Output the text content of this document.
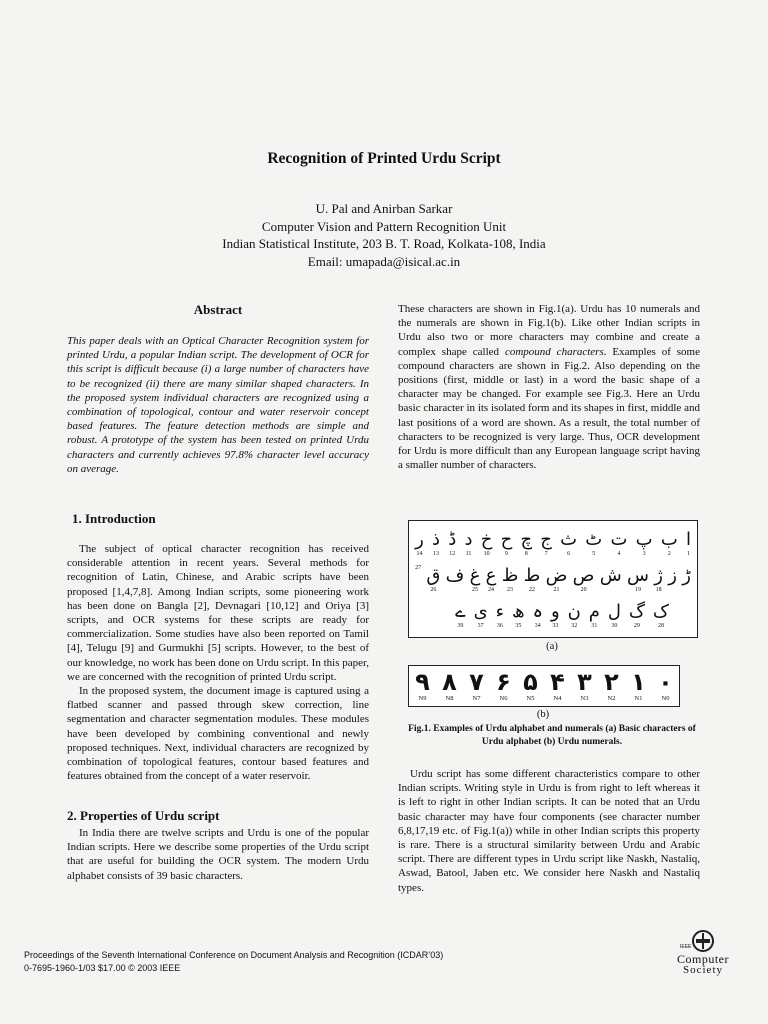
Recognition of Printed Urdu Script
U. Pal and Anirban Sarkar
Computer Vision and Pattern Recognition Unit
Indian Statistical Institute, 203 B. T. Road, Kolkata-108, India
Email: umapada@isical.ac.in
Abstract
This paper deals with an Optical Character Recognition system for printed Urdu, a popular Indian script. The development of OCR for this script is difficult because (i) a large number of characters have to be recognized (ii) there are many similar shaped characters. In the proposed system individual characters are recognized using a combination of topological, contour and water reservoir concept based features. The feature detection methods are simple and robust. A prototype of the system has been tested on printed Urdu characters and currently achieves 97.8% character level accuracy on average.
1. Introduction

The subject of optical character recognition has received considerable attention in recent years. Several methods for recognition of Latin, Chinese, and Arabic scripts have been proposed [1,4,7,8]. Among Indian scripts, some pioneering work has been done on Bangla [2], Devnagari [10,12] and Oriya [3] scripts, and OCR systems for these scripts are ready for commercialization. Some studies have also been reported on Tamil [4], Telugu [9] and Gurmukhi [5] scripts. However, to the best of our knowledge, no work has been done on Urdu script. In this paper, we are concerned with the recognition of printed Urdu script.

In the proposed system, the document image is captured using a flatbed scanner and passed through skew correction, line segmentation and character segmentation modules. These modules have been developed by combining conventional and newly proposed techniques. Next, individual characters are recognized by combination of topological features, contour based features and features obtained from the concept of a water reservoir.

2. Properties of Urdu script

In India there are twelve scripts and Urdu is one of the popular Indian scripts. Here we describe some properties of the Urdu script that are useful for building the OCR system. The modern Urdu alphabet consists of 39 basic characters.

These characters are shown in Fig.1(a). Urdu has 10 numerals and the numerals are shown in Fig.1(b). Like other Indian scripts in Urdu also two or more characters may combine and create a complex shape called compound characters. Examples of some compound characters are shown in Fig.2. Also depending on the positions (first, middle or last) in a word the basic shape of a character may be changed. For example see Fig.3. Here an Urdu basic character in its isolated form and its shapes in first, middle and last positions of a word are shown. As a result, the total number of characters to be recognized is very large. Thus, OCR development for Urdu is more difficult than any European language script having a smaller number of characters.
ا
1
ب
2
پ
3
ت
4
ٹ
5
ث
6
ج
7
چ
8
ح
9
خ
10
د
11
ڈ
12
ذ
13
ر
14
ڑ
ز
ژ
18
س
19
ش
ص
20
ض
21
ط
22
ظ
23
ع
24
غ
25
ف
ق
26
27
ک
28
گ
29
ل
30
م
31
ن
32
و
33
ہ
34
ھ
35
ء
36
ی
37
ے
39
(a)
۰
N0
۱
N1
۲
N2
۳
N3
۴
N4
۵
N5
۶
N6
۷
N7
۸
N8
۹
N9
(b)
Fig.1. Examples of Urdu alphabet and numerals (a) Basic characters of Urdu alphabet (b) Urdu numerals.

Urdu script has some different characteristics compare to other Indian scripts. Writing style in Urdu is from right to left whereas it is left to right in other Indian scripts. It can be noted that an Urdu basic character may have four components (see character number 6,8,17,19 etc. of Fig.1(a)) while in other Indian scripts this property is rare. There is a structural similarity between Urdu and Arabic script. There are different types in Urdu script like Naskh, Nastaliq, Aswad, Batool, Jaben etc. We consider here Naskh and Nastaliq types.

Proceedings of the Seventh International Conference on Document Analysis and Recognition (ICDAR’03)
0-7695-1960-1/03 $17.00 © 2003 IEEE
IEEE
Computer
Society
